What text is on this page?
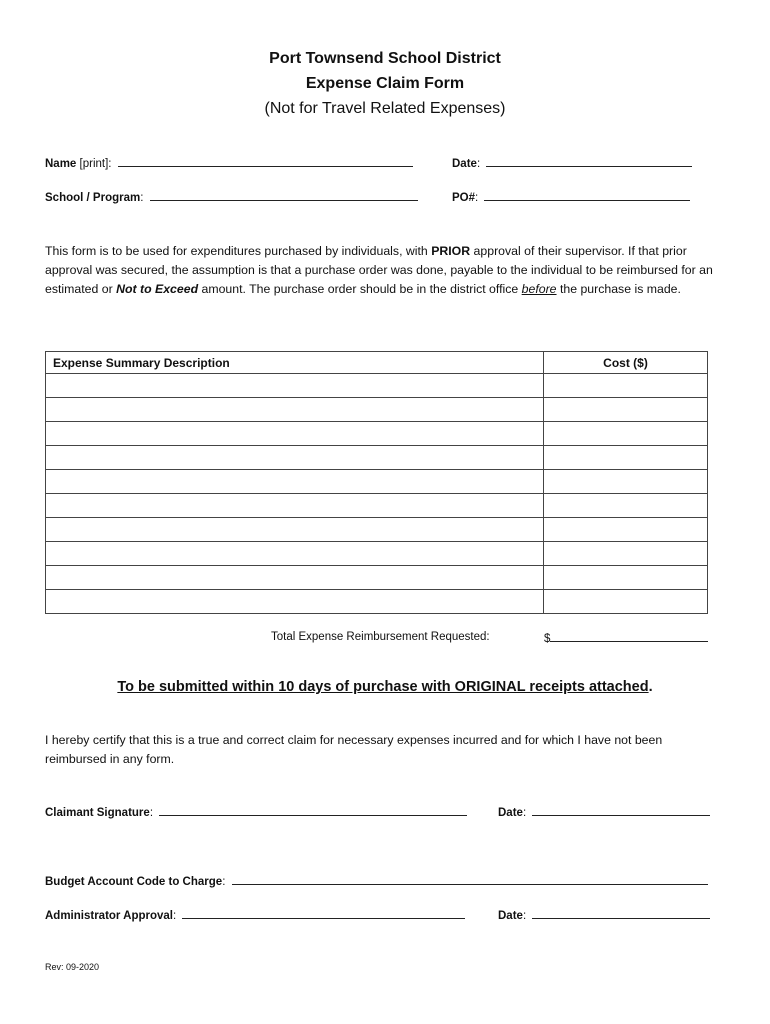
Port Townsend School District
Expense Claim Form
(Not for Travel Related Expenses)
Name [print]:	Date:
School / Program:	PO#:
This form is to be used for expenditures purchased by individuals, with PRIOR approval of their supervisor. If that prior approval was secured, the assumption is that a purchase order was done, payable to the individual to be reimbursed for an estimated or Not to Exceed amount. The purchase order should be in the district office before the purchase is made.
Expense Summary Description	Cost ($)

Total Expense Reimbursement Requested:	$
To be submitted within 10 days of purchase with ORIGINAL receipts attached.
I hereby certify that this is a true and correct claim for necessary expenses incurred and for which I have not been reimbursed in any form.
Claimant Signature:	Date:
Budget Account Code to Charge:
Administrator Approval:	Date:
Rev: 09-2020
